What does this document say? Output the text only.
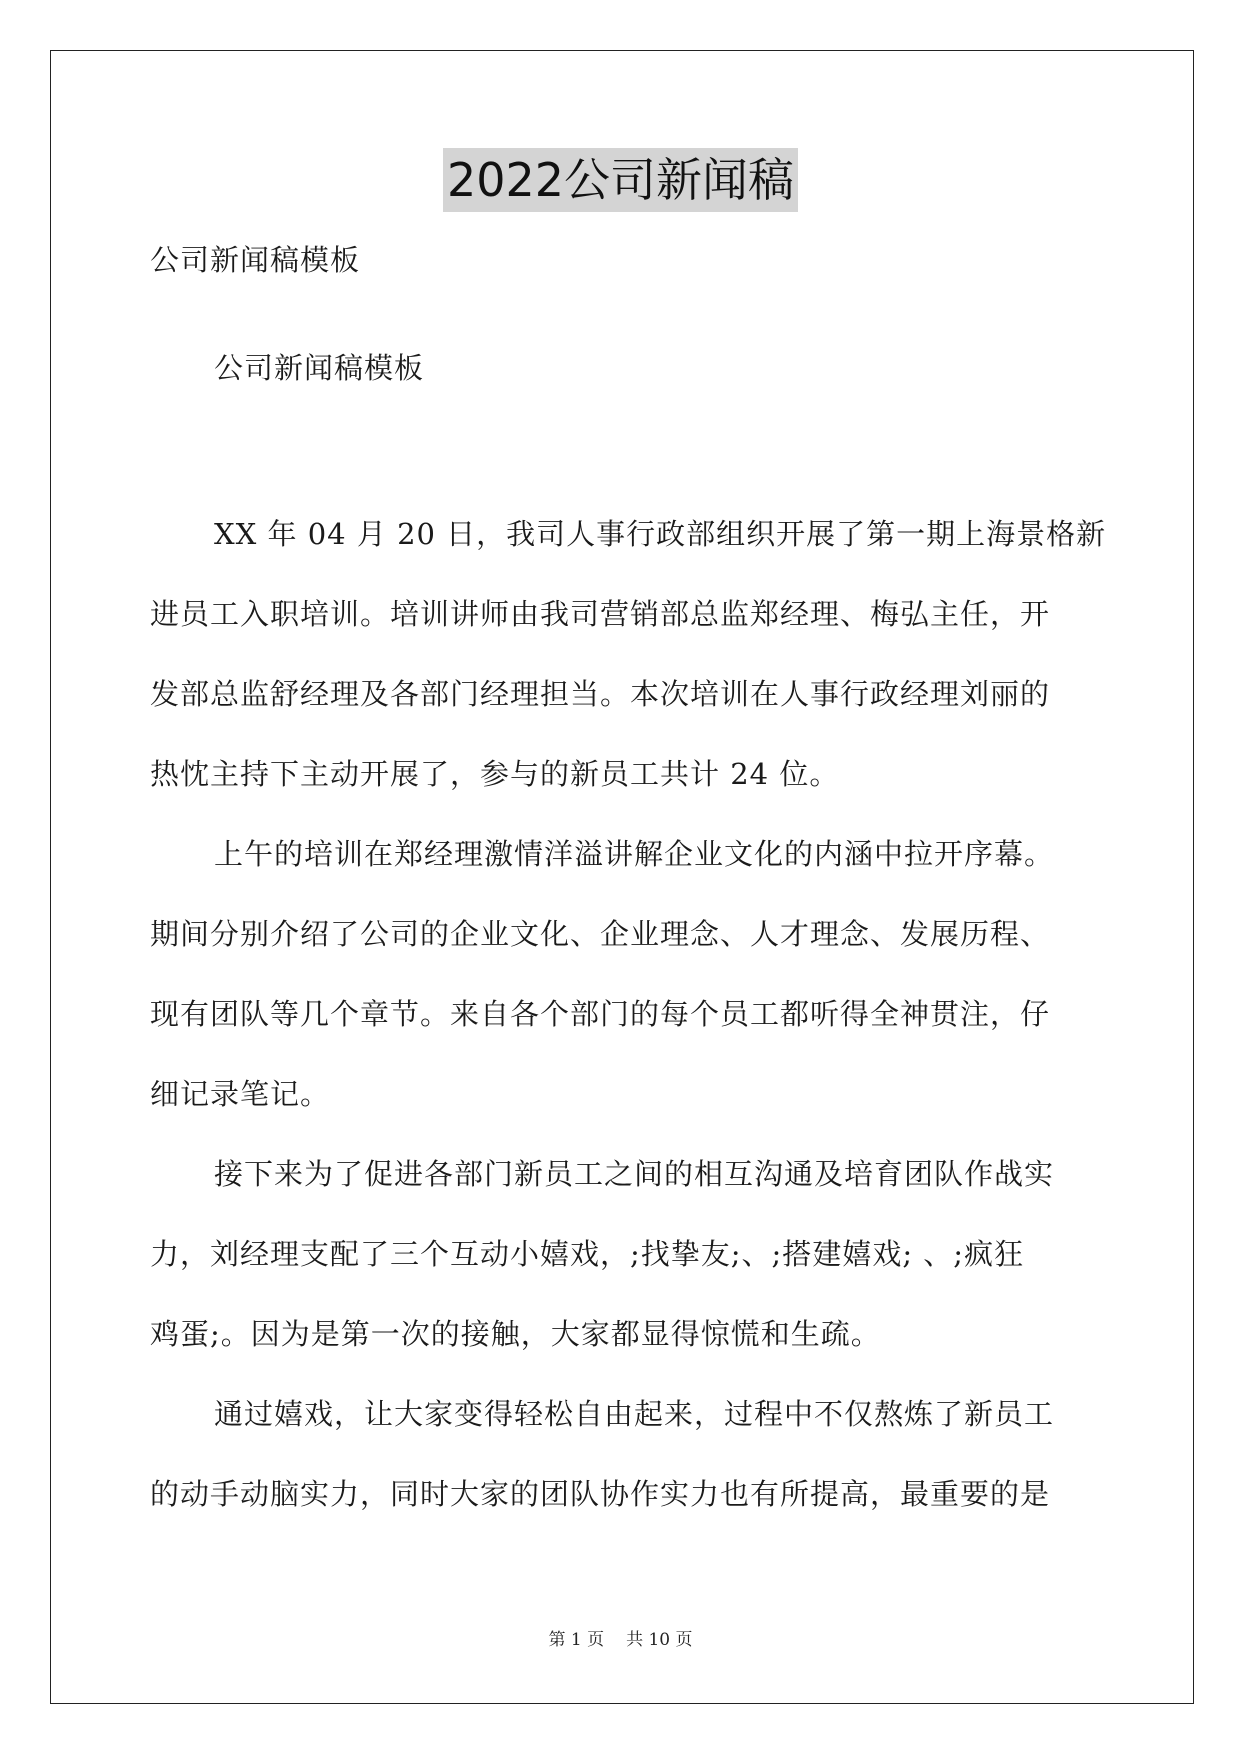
2022公司新闻稿
公司新闻稿模板
公司新闻稿模板
XX 年 04 月 20 日，我司人事行政部组织开展了第一期上海景格新
进员工入职培训。培训讲师由我司营销部总监郑经理、梅弘主任，开
发部总监舒经理及各部门经理担当。本次培训在人事行政经理刘丽的
热忱主持下主动开展了，参与的新员工共计 24 位。
上午的培训在郑经理激情洋溢讲解企业文化的内涵中拉开序幕。
期间分别介绍了公司的企业文化、企业理念、人才理念、发展历程、
现有团队等几个章节。来自各个部门的每个员工都听得全神贯注，仔
细记录笔记。
接下来为了促进各部门新员工之间的相互沟通及培育团队作战实
力，刘经理支配了三个互动小嬉戏，;找挚友;、;搭建嬉戏; 、;疯狂
鸡蛋;。因为是第一次的接触，大家都显得惊慌和生疏。
通过嬉戏，让大家变得轻松自由起来，过程中不仅熬炼了新员工
的动手动脑实力，同时大家的团队协作实力也有所提高，最重要的是
第 1 页 共 10 页
